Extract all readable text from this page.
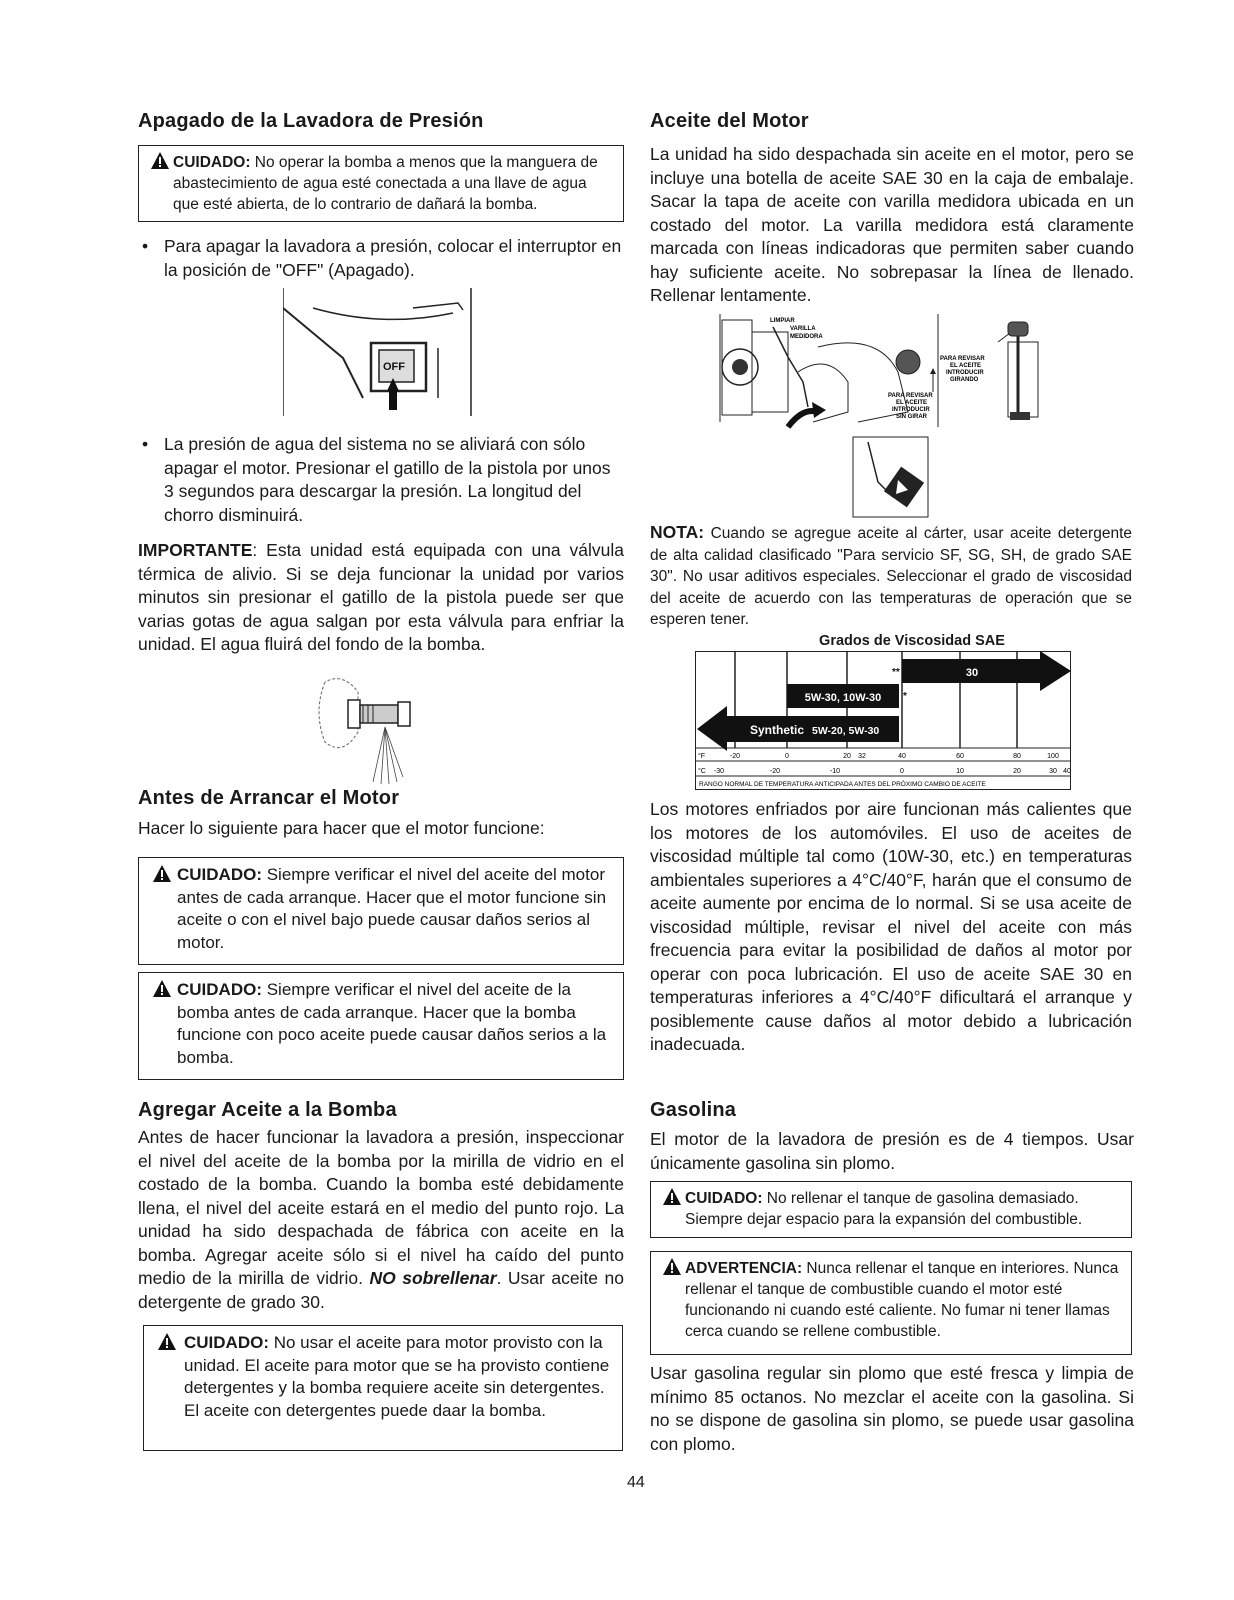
Apagado de la Lavadora de Presión
CUIDADO: No operar la bomba a menos que la manguera de abastecimiento de agua esté conectada a una llave de agua que esté abierta, de lo contrario de dañará la bomba.
• Para apagar la lavadora a presión, colocar el interruptor en la posición de "OFF" (Apagado).
OFF
• La presión de agua del sistema no se aliviará con sólo apagar el motor. Presionar el gatillo de la pistola por unos 3 segundos para descargar la presión. La longitud del chorro disminuirá.
IMPORTANTE: Esta unidad está equipada con una válvula térmica de alivio. Si se deja funcionar la unidad por varios minutos sin presionar el gatillo de la pistola puede ser que varias gotas de agua salgan por esta válvula para enfriar la unidad. El agua fluirá del fondo de la bomba.
Antes de Arrancar el Motor
Hacer lo siguiente para hacer que el motor funcione:
CUIDADO: Siempre verificar el nivel del aceite del motor antes de cada arranque. Hacer que el motor funcione sin aceite o con el nivel bajo puede causar daños serios al motor.
CUIDADO: Siempre verificar el nivel del aceite de la bomba antes de cada arranque. Hacer que la bomba funcione con poco aceite puede causar daños serios a la bomba.
Agregar Aceite a la Bomba
Antes de hacer funcionar la lavadora a presión, inspeccionar el nivel del aceite de la bomba por la mirilla de vidrio en el costado de la bomba. Cuando la bomba esté debidamente llena, el nivel del aceite estará en el medio del punto rojo. La unidad ha sido despachada de fábrica con aceite en la bomba. Agregar aceite sólo si el nivel ha caído del punto medio de la mirilla de vidrio. NO sobrellenar. Usar aceite no detergente de grado 30.
CUIDADO: No usar el aceite para motor provisto con la unidad. El aceite para motor que se ha provisto contiene detergentes y la bomba requiere aceite sin detergentes. El aceite con detergentes puede daar la bomba.
Aceite del Motor
La unidad ha sido despachada sin aceite en el motor, pero se incluye una botella de aceite SAE 30 en la caja de embalaje. Sacar la tapa de aceite con varilla medidora ubicada en un costado del motor. La varilla medidora está claramente marcada con líneas indicadoras que permiten saber cuando hay suficiente aceite. No sobrepasar la línea de llenado. Rellenar lentamente.
LIMPIAR
VARILLA
MEDIDORA
PARA REVISAR
EL ACEITE
INTRODUCIR
GIRANDO
PARA REVISAR
EL ACEITE
INTRODUCIR
SIN GIRAR
NOTA: Cuando se agregue aceite al cárter, usar aceite detergente de alta calidad clasificado "Para servicio SF, SG, SH, de grado SAE 30". No usar aditivos especiales. Seleccionar el grado de viscosidad del aceite de acuerdo con las temperaturas de operación que se esperen tener.
Grados de Viscosidad SAE
30
**
5W-30, 10W-30 *
Synthetic 5W-20, 5W-30
°F	-20	0	20 32	40	60	80	100
°C -30	-20	-10	0	10	20	30 40
RANGO NORMAL DE TEMPERATURA ANTICIPADA ANTES DEL PRÓXIMO CAMBIO DE ACEITE
Los motores enfriados por aire funcionan más calientes que los motores de los automóviles. El uso de aceites de viscosidad múltiple tal como (10W-30, etc.) en temperaturas ambientales superiores a 4°C/40°F, harán que el consumo de aceite aumente por encima de lo normal. Si se usa aceite de viscosidad múltiple, revisar el nivel del aceite con más frecuencia para evitar la posibilidad de daños al motor por operar con poca lubricación. El uso de aceite SAE 30 en temperaturas inferiores a 4°C/40°F dificultará el arranque y posiblemente cause daños al motor debido a lubricación inadecuada.
Gasolina
El motor de la lavadora de presión es de 4 tiempos. Usar únicamente gasolina sin plomo.
CUIDADO: No rellenar el tanque de gasolina demasiado. Siempre dejar espacio para la expansión del combustible.
ADVERTENCIA: Nunca rellenar el tanque en interiores. Nunca rellenar el tanque de combustible cuando el motor esté funcionando ni cuando esté caliente. No fumar ni tener llamas cerca cuando se rellene combustible.
Usar gasolina regular sin plomo que esté fresca y limpia de mínimo 85 octanos. No mezclar el aceite con la gasolina. Si no se dispone de gasolina sin plomo, se puede usar gasolina con plomo.
44
